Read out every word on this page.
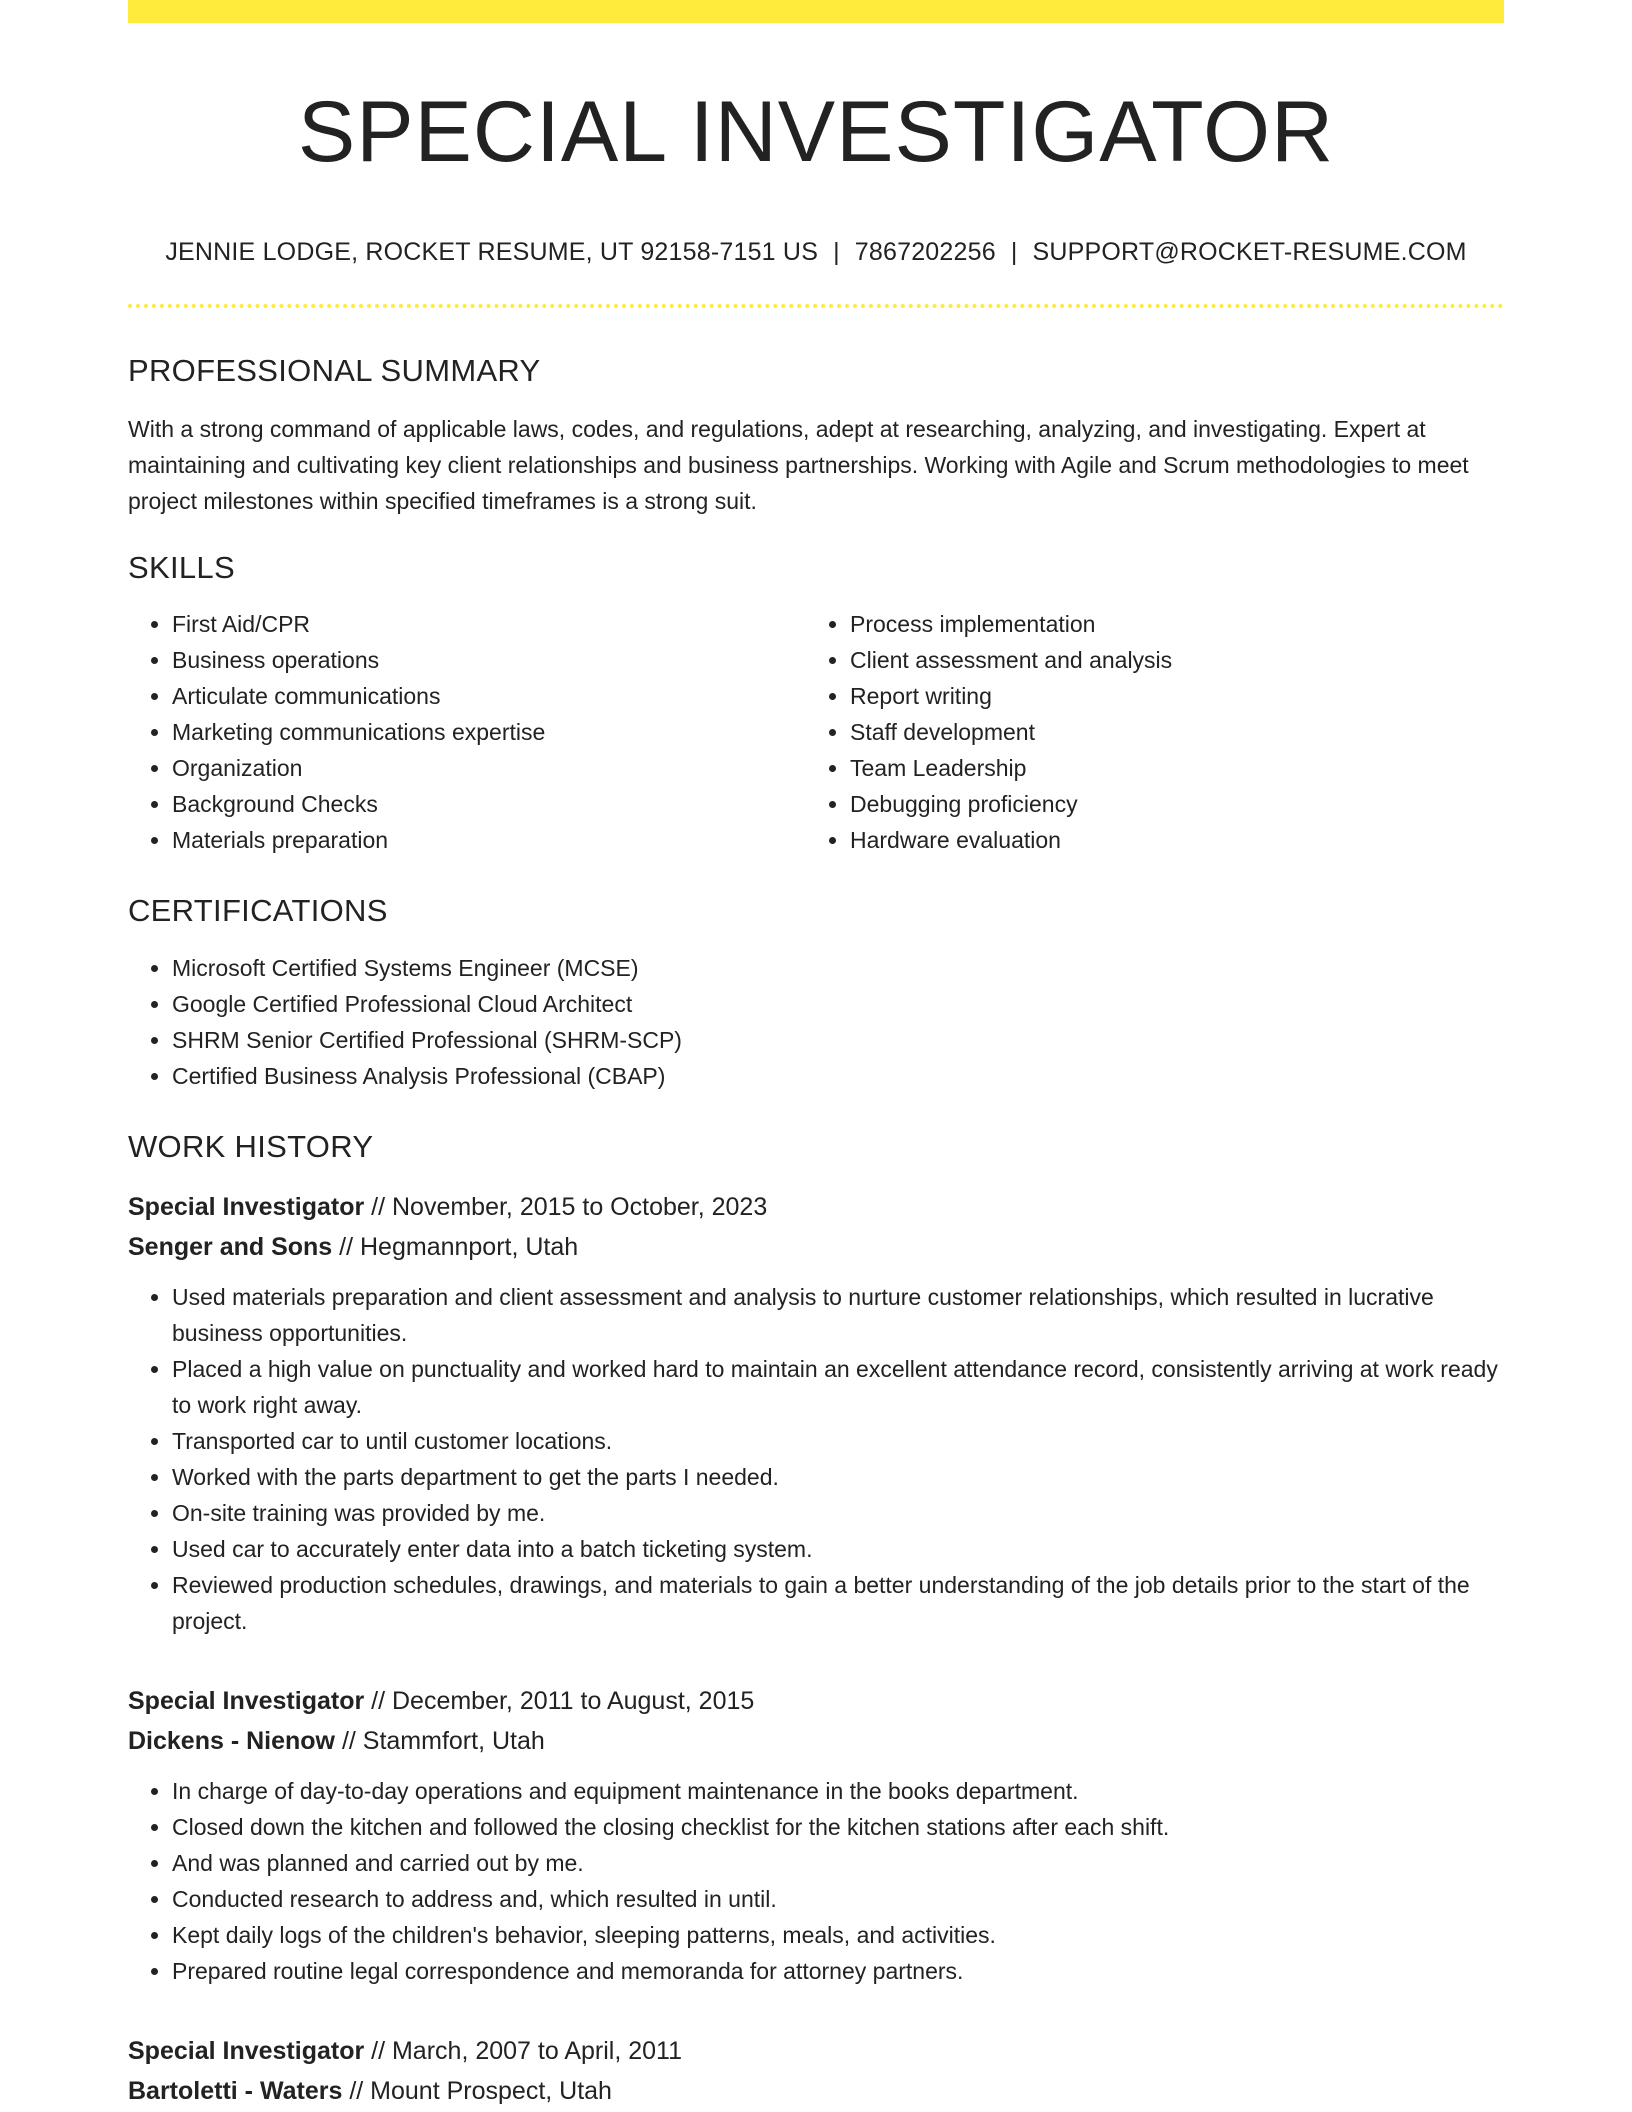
SPECIAL INVESTIGATOR
JENNIE LODGE, ROCKET RESUME, UT 92158-7151 US | 7867202256 | SUPPORT@ROCKET-RESUME.COM
PROFESSIONAL SUMMARY

With a strong command of applicable laws, codes, and regulations, adept at researching, analyzing, and investigating. Expert at maintaining and cultivating key client relationships and business partnerships. Working with Agile and Scrum methodologies to meet project milestones within specified timeframes is a strong suit.

SKILLS
• First Aid/CPR
• Business operations
• Articulate communications
• Marketing communications expertise
• Organization
• Background Checks
• Materials preparation
• Process implementation
• Client assessment and analysis
• Report writing
• Staff development
• Team Leadership
• Debugging proficiency
• Hardware evaluation
CERTIFICATIONS
• Microsoft Certified Systems Engineer (MCSE)
• Google Certified Professional Cloud Architect
• SHRM Senior Certified Professional (SHRM-SCP)
• Certified Business Analysis Professional (CBAP)
WORK HISTORY
Special Investigator // November, 2015 to October, 2023
Senger and Sons // Hegmannport, Utah
• Used materials preparation and client assessment and analysis to nurture customer relationships, which resulted in lucrative business opportunities.
• Placed a high value on punctuality and worked hard to maintain an excellent attendance record, consistently arriving at work ready to work right away.
• Transported car to until customer locations.
• Worked with the parts department to get the parts I needed.
• On-site training was provided by me.
• Used car to accurately enter data into a batch ticketing system.
• Reviewed production schedules, drawings, and materials to gain a better understanding of the job details prior to the start of the project.
Special Investigator // December, 2011 to August, 2015
Dickens - Nienow // Stammfort, Utah
• In charge of day-to-day operations and equipment maintenance in the books department.
• Closed down the kitchen and followed the closing checklist for the kitchen stations after each shift.
• And was planned and carried out by me.
• Conducted research to address and, which resulted in until.
• Kept daily logs of the children's behavior, sleeping patterns, meals, and activities.
• Prepared routine legal correspondence and memoranda for attorney partners.
Special Investigator // March, 2007 to April, 2011
Bartoletti - Waters // Mount Prospect, Utah
